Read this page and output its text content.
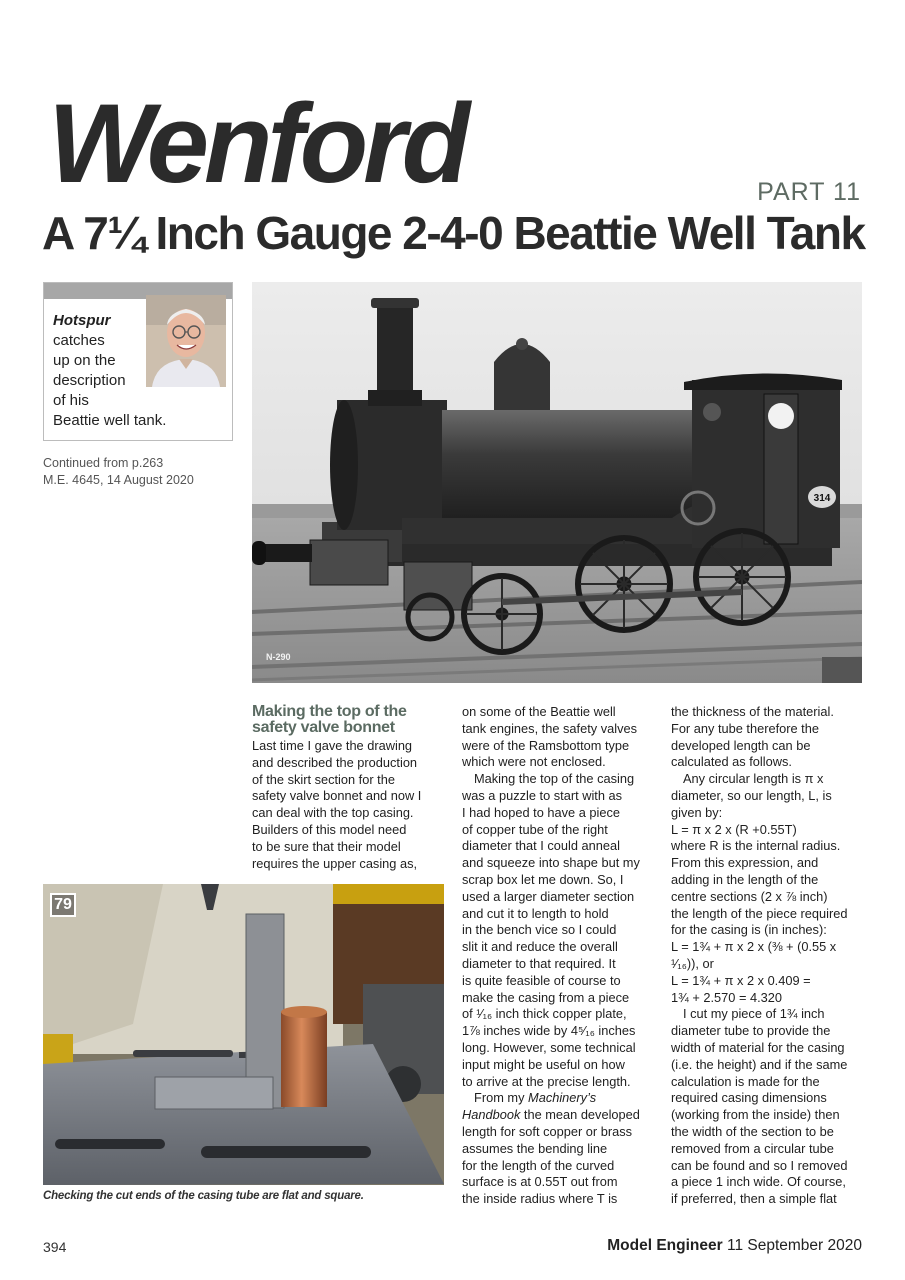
Wenford	PART 11
A 7¼ Inch Gauge 2-4-0 Beattie Well Tank
Hotspur
catches
up on the
description
of his
Beattie well tank.
Continued from p.263
M.E. 4645, 14 August 2020
314
N-290
Making the top of the
safety valve bonnet

Last time I gave the drawing
and described the production
of the skirt section for the
safety valve bonnet and now I
can deal with the top casing.
Builders of this model need
to be sure that their model
requires the upper casing as,

on some of the Beattie well
tank engines, the safety valves
were of the Ramsbottom type
which were not enclosed.
Making the top of the casing
was a puzzle to start with as
I had hoped to have a piece
of copper tube of the right
diameter that I could anneal
and squeeze into shape but my
scrap box let me down. So, I
used a larger diameter section
and cut it to length to hold
in the bench vice so I could
slit it and reduce the overall
diameter to that required. It
is quite feasible of course to
make the casing from a piece
of ¹⁄₁₆ inch thick copper plate,
1⅞ inches wide by 4⁵⁄₁₆ inches
long. However, some technical
input might be useful on how
to arrive at the precise length.
From my Machinery’s
Handbook the mean developed
length for soft copper or brass
assumes the bending line
for the length of the curved
surface is at 0.55T out from
the inside radius where T is
the thickness of the material.
For any tube therefore the
developed length can be
calculated as follows.
Any circular length is π x
diameter, so our length, L, is
given by:
L = π x 2 x (R +0.55T)
where R is the internal radius.
From this expression, and
adding in the length of the
centre sections (2 x ⅞ inch)
the length of the piece required
for the casing is (in inches):
L = 1¾ + π x 2 x (⅜ + (0.55 x
¹⁄₁₆)), or
L = 1¾ + π x 2 x 0.409 =
1¾ + 2.570 = 4.320
I cut my piece of 1¾ inch
diameter tube to provide the
width of material for the casing
(i.e. the height) and if the same
calculation is made for the
required casing dimensions
(working from the inside) then
the width of the section to be
removed from a circular tube
can be found and so I removed
a piece 1 inch wide. Of course,
if preferred, then a simple flat
79
Checking the cut ends of the casing tube are flat and square.
394	Model Engineer 11 September 2020
